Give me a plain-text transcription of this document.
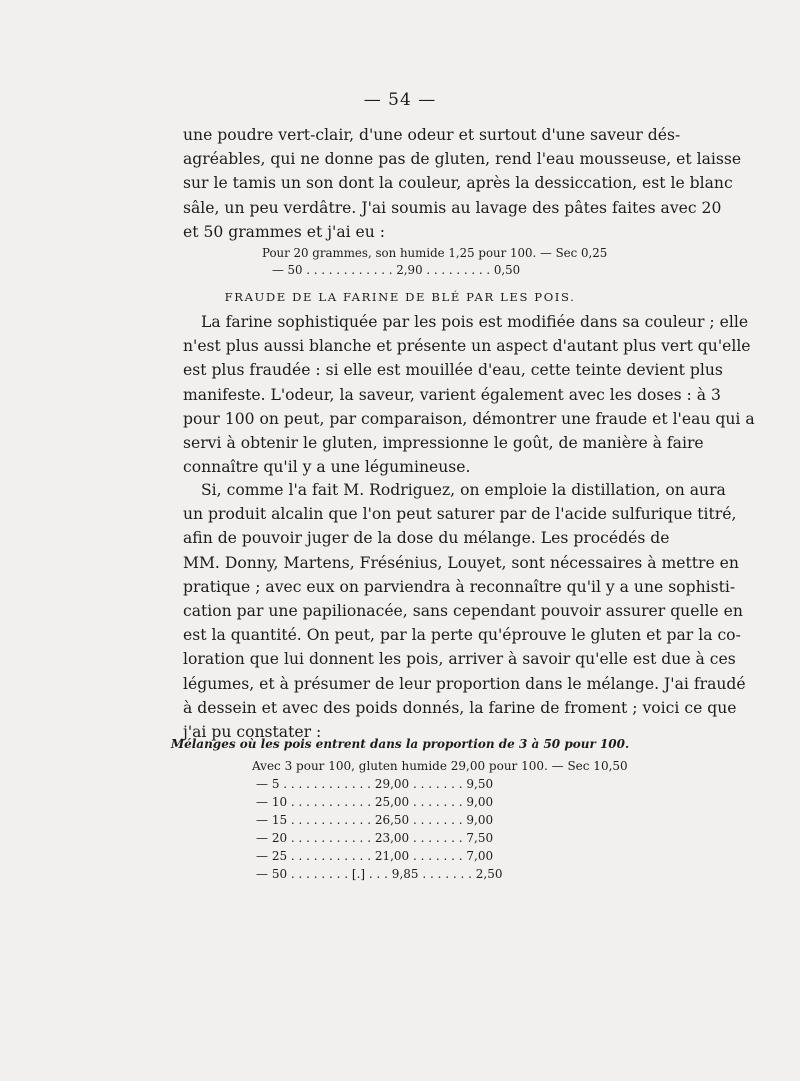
— 54 —
une poudre vert-clair, d'une odeur et surtout d'une saveur dés-
agréables, qui ne donne pas de gluten, rend l'eau mousseuse, et laisse
sur le tamis un son dont la couleur, après la dessiccation, est le blanc
sâle, un peu verdâtre. J'ai soumis au lavage des pâtes faites avec 20
et 50 grammes et j'ai eu :
Pour 20 grammes, son humide 1,25 pour 100. — Sec 0,25
— 50 . . . . . . . . . . . . 2,90 . . . . . . . . . 0,50
FRAUDE DE LA FARINE DE BLÉ PAR LES POIS.
La farine sophistiquée par les pois est modifiée dans sa couleur ; elle
n'est plus aussi blanche et présente un aspect d'autant plus vert qu'elle
est plus fraudée : si elle est mouillée d'eau, cette teinte devient plus
manifeste. L'odeur, la saveur, varient également avec les doses : à 3
pour 100 on peut, par comparaison, démontrer une fraude et l'eau qui a
servi à obtenir le gluten, impressionne le goût, de manière à faire
connaître qu'il y a une légumineuse.
Si, comme l'a fait M. Rodriguez, on emploie la distillation, on aura
un produit alcalin que l'on peut saturer par de l'acide sulfurique titré,
afin de pouvoir juger de la dose du mélange. Les procédés de
MM. Donny, Martens, Frésénius, Louyet, sont nécessaires à mettre en
pratique ; avec eux on parviendra à reconnaître qu'il y a une sophisti-
cation par une papilionacée, sans cependant pouvoir assurer quelle en
est la quantité. On peut, par la perte qu'éprouve le gluten et par la co-
loration que lui donnent les pois, arriver à savoir qu'elle est due à ces
légumes, et à présumer de leur proportion dans le mélange. J'ai fraudé
à dessein et avec des poids donnés, la farine de froment ; voici ce que
j'ai pu constater :
Mélanges où les pois entrent dans la proportion de 3 à 50 pour 100.
Avec 3 pour 100, gluten humide 29,00 pour 100. — Sec 10,50
— 5 . . . . . . . . . . . . 29,00 . . . . . . . 9,50
— 10 . . . . . . . . . . . 25,00 . . . . . . . 9,00
— 15 . . . . . . . . . . . 26,50 . . . . . . . 9,00
— 20 . . . . . . . . . . . 23,00 . . . . . . . 7,50
— 25 . . . . . . . . . . . 21,00 . . . . . . . 7,00
— 50 . . . . . . . . [.] . . . 9,85 . . . . . . . 2,50
